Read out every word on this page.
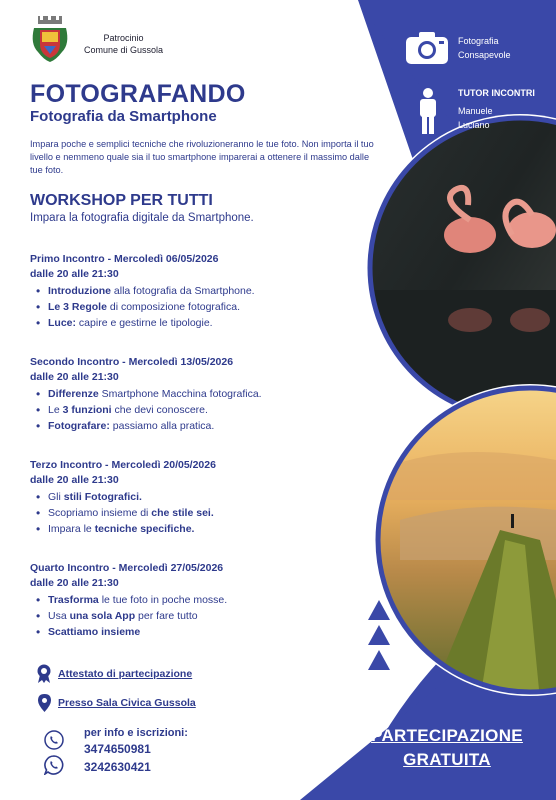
Patrocinio
Comune di Gussola
FOTOGRAFANDO
Fotografia da Smartphone
Impara poche e semplici tecniche che rivoluzioneranno le tue foto. Non importa il tuo livello e nemmeno quale sia il tuo smartphone imparerai a ottenere il massimo dalle tue foto.
Fotografia
Consapevole
TUTOR INCONTRI
Manuele
Luciano
WORKSHOP PER TUTTI
Impara la fotografia digitale da Smartphone.
Primo Incontro - Mercoledì 06/05/2026
dalle 20 alle 21:30
• Introduzione alla fotografia da Smartphone.
• Le 3 Regole di composizione fotografica.
• Luce: capire e gestirne le tipologie.
Secondo Incontro - Mercoledì 13/05/2026
dalle 20 alle 21:30
• Differenze Smartphone Macchina fotografica.
• Le 3 funzioni che devi conoscere.
• Fotografare: passiamo alla pratica.
Terzo Incontro - Mercoledì 20/05/2026
dalle 20 alle 21:30
• Gli stili Fotografici.
• Scopriamo insieme di che stile sei.
• Impara le tecniche specifiche.
Quarto Incontro - Mercoledì 27/05/2026
dalle 20 alle 21:30
• Trasforma le tue foto in poche mosse.
• Usa una sola App per fare tutto
• Scattiamo insieme
Attestato di partecipazione
Presso Sala Civica Gussola
per info e iscrizioni:
3474650981
3242630421
PARTECIPAZIONE
GRATUITA
